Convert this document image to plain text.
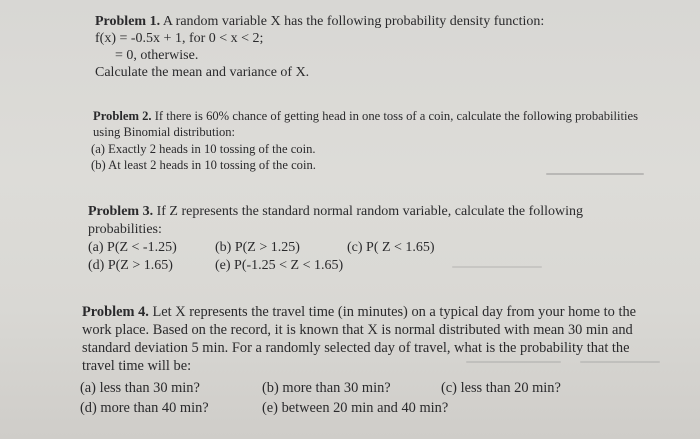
Problem 1. A random variable X has the following probability density function:
f(x) = -0.5x + 1, for 0 < x < 2;
= 0, otherwise.
Calculate the mean and variance of X.
Problem 2. If there is 60% chance of getting head in one toss of a coin, calculate the following probabilities
using Binomial distribution:
(a) Exactly 2 heads in 10 tossing of the coin.
(b) At least 2 heads in 10 tossing of the coin.
Problem 3. If Z represents the standard normal random variable, calculate the following
probabilities:
(a) P(Z < -1.25)	(b) P(Z > 1.25)	(c) P( Z < 1.65)
(d) P(Z > 1.65)	(e) P(-1.25 < Z < 1.65)
Problem 4. Let X represents the travel time (in minutes) on a typical day from your home to the
work place. Based on the record, it is known that X is normal distributed with mean 30 min and
standard deviation 5 min. For a randomly selected day of travel, what is the probability that the
travel time will be:
(a) less than 30 min?	(b) more than 30 min?	(c) less than 20 min?
(d) more than 40 min?	(e) between 20 min and 40 min?
